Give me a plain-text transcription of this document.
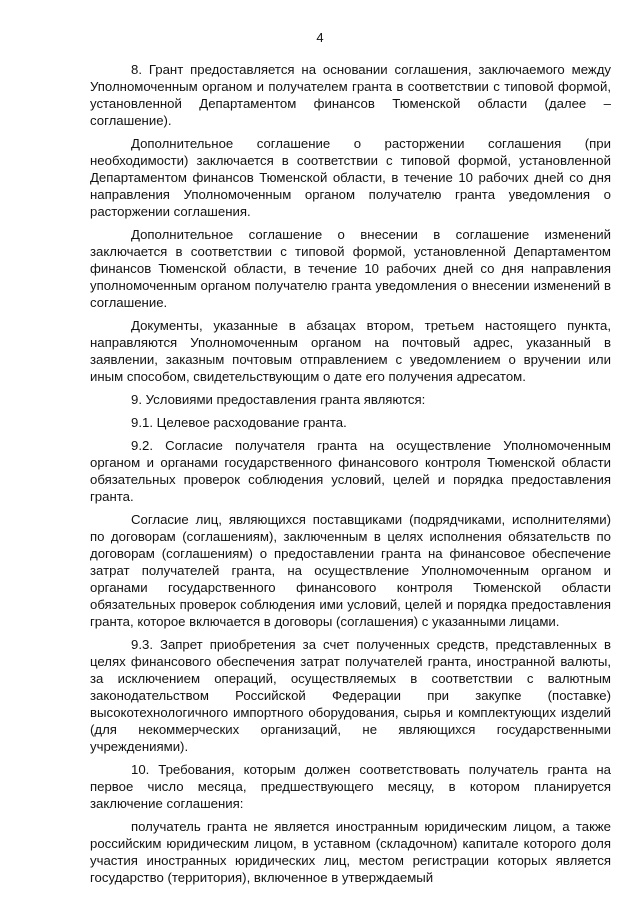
4

8. Грант предоставляется на основании соглашения, заключаемого между Уполномоченным органом и получателем гранта в соответствии с типовой формой, установленной Департаментом финансов Тюменской области (далее – соглашение).

Дополнительное соглашение о расторжении соглашения (при необходимости) заключается в соответствии с типовой формой, установленной Департаментом финансов Тюменской области, в течение 10 рабочих дней со дня направления Уполномоченным органом получателю гранта уведомления о расторжении соглашения.

Дополнительное соглашение о внесении в соглашение изменений заключается в соответствии с типовой формой, установленной Департаментом финансов Тюменской области, в течение 10 рабочих дней со дня направления уполномоченным органом получателю гранта уведомления о внесении изменений в соглашение.

Документы, указанные в абзацах втором, третьем настоящего пункта, направляются Уполномоченным органом на почтовый адрес, указанный в заявлении, заказным почтовым отправлением с уведомлением о вручении или иным способом, свидетельствующим о дате его получения адресатом.

9. Условиями предоставления гранта являются:

9.1. Целевое расходование гранта.

9.2. Согласие получателя гранта на осуществление Уполномоченным органом и органами государственного финансового контроля Тюменской области обязательных проверок соблюдения условий, целей и порядка предоставления гранта.

Согласие лиц, являющихся поставщиками (подрядчиками, исполнителями) по договорам (соглашениям), заключенным в целях исполнения обязательств по договорам (соглашениям) о предоставлении гранта на финансовое обеспечение затрат получателей гранта, на осуществление Уполномоченным органом и органами государственного финансового контроля Тюменской области обязательных проверок соблюдения ими условий, целей и порядка предоставления гранта, которое включается в договоры (соглашения) с указанными лицами.

9.3. Запрет приобретения за счет полученных средств, представленных в целях финансового обеспечения затрат получателей гранта, иностранной валюты, за исключением операций, осуществляемых в соответствии с валютным законодательством Российской Федерации при закупке (поставке) высокотехнологичного импортного оборудования, сырья и комплектующих изделий (для некоммерческих организаций, не являющихся государственными учреждениями).

10. Требования, которым должен соответствовать получатель гранта на первое число месяца, предшествующего месяцу, в котором планируется заключение соглашения:

получатель гранта не является иностранным юридическим лицом, а также российским юридическим лицом, в уставном (складочном) капитале которого доля участия иностранных юридических лиц, местом регистрации которых является государство (территория), включенное в утверждаемый
